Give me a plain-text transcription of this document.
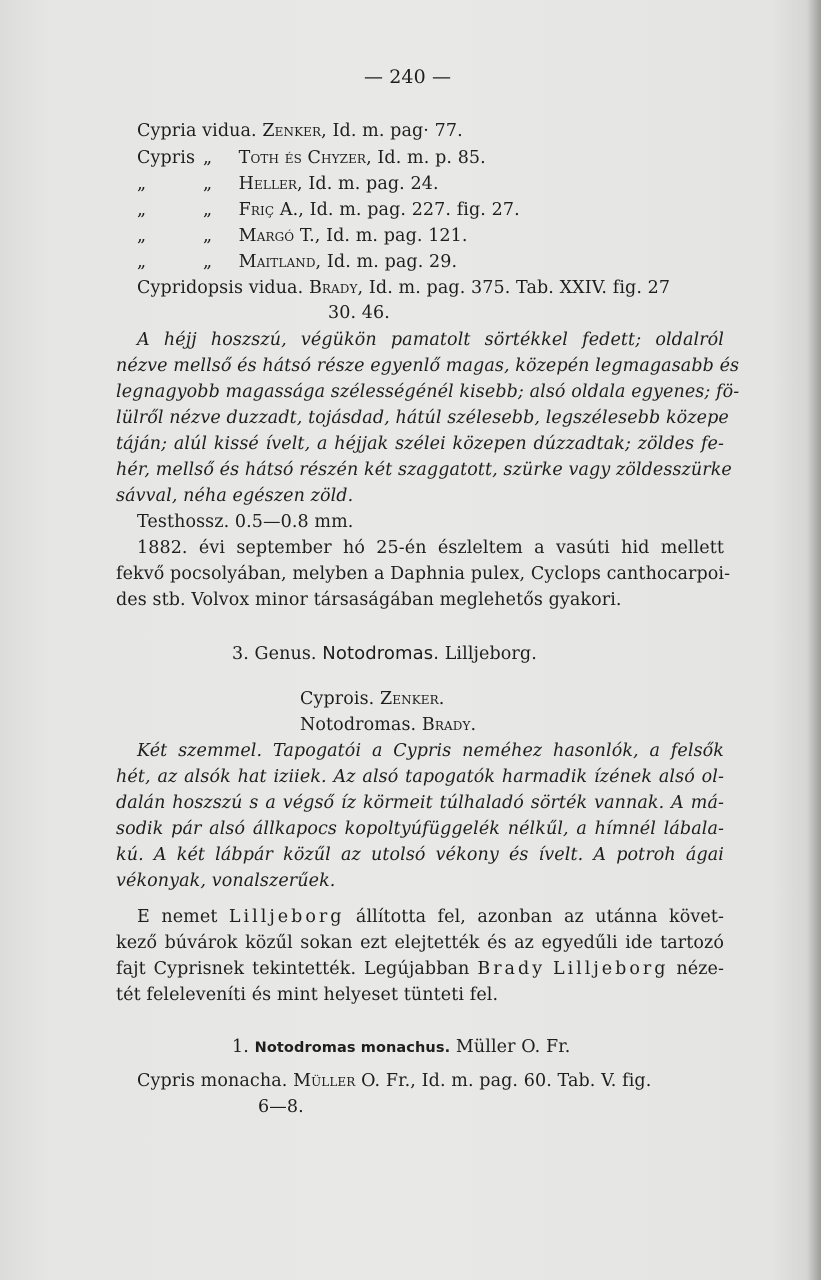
— 240 —
Cypria vidua. Zenker, Id. m. pag· 77.
Cypris „ Toth és Chyzer, Id. m. p. 85.
„	„ Heller, Id. m. pag. 24.
„	„ Friç A., Id. m. pag. 227. fig. 27.
„	„ Margó T., Id. m. pag. 121.
„	„ Maitland, Id. m. pag. 29.
Cypridopsis vidua. Brady, Id. m. pag. 375. Tab. XXIV. fig. 27
30. 46.
A héjj hoszszú, végükön pamatolt sörtékkel fedett; oldalról
nézve mellső és hátsó része egyenlő magas, közepén legmagasabb és
legnagyobb magassága szélességénél kisebb; alsó oldala egyenes; fö-
lülről nézve duzzadt, tojásdad, hátúl szélesebb, legszélesebb közepe
táján; alúl kissé ívelt, a héjjak szélei közepen dúzzadtak; zöldes fe-
hér, mellső és hátsó részén két szaggatott, szürke vagy zöldesszürke
sávval, néha egészen zöld.
Testhossz. 0.5—0.8 mm.
1882. évi september hó 25-én észleltem a vasúti hid mellett
fekvő pocsolyában, melyben a Daphnia pulex, Cyclops canthocarpoi-
des stb. Volvox minor társaságában meglehetős gyakori.
3. Genus. Notodromas. Lilljeborg.
Cyprois. Zenker.
Notodromas. Brady.
Két szemmel. Tapogatói a Cypris neméhez hasonlók, a felsők
hét, az alsók hat iziiek. Az alsó tapogatók harmadik ízének alsó ol-
dalán hoszszú s a végső íz körmeit túlhaladó sörték vannak. A má-
sodik pár alsó állkapocs kopoltyúfüggelék nélkűl, a hímnél lábala-
kú. A két lábpár közűl az utolsó vékony és ívelt. A potroh ágai
vékonyak, vonalszerűek.
E nemet Lilljeborg állította fel, azonban az utánna követ-
kező búvárok közűl sokan ezt elejtették és az egyedűli ide tartozó
fajt Cyprisnek tekintették. Legújabban Brady Lilljeborg néze-
tét feleleveníti és mint helyeset tünteti fel.
1. Notodromas monachus. Müller O. Fr.
Cypris monacha. Müller O. Fr., Id. m. pag. 60. Tab. V. fig.
6—8.
